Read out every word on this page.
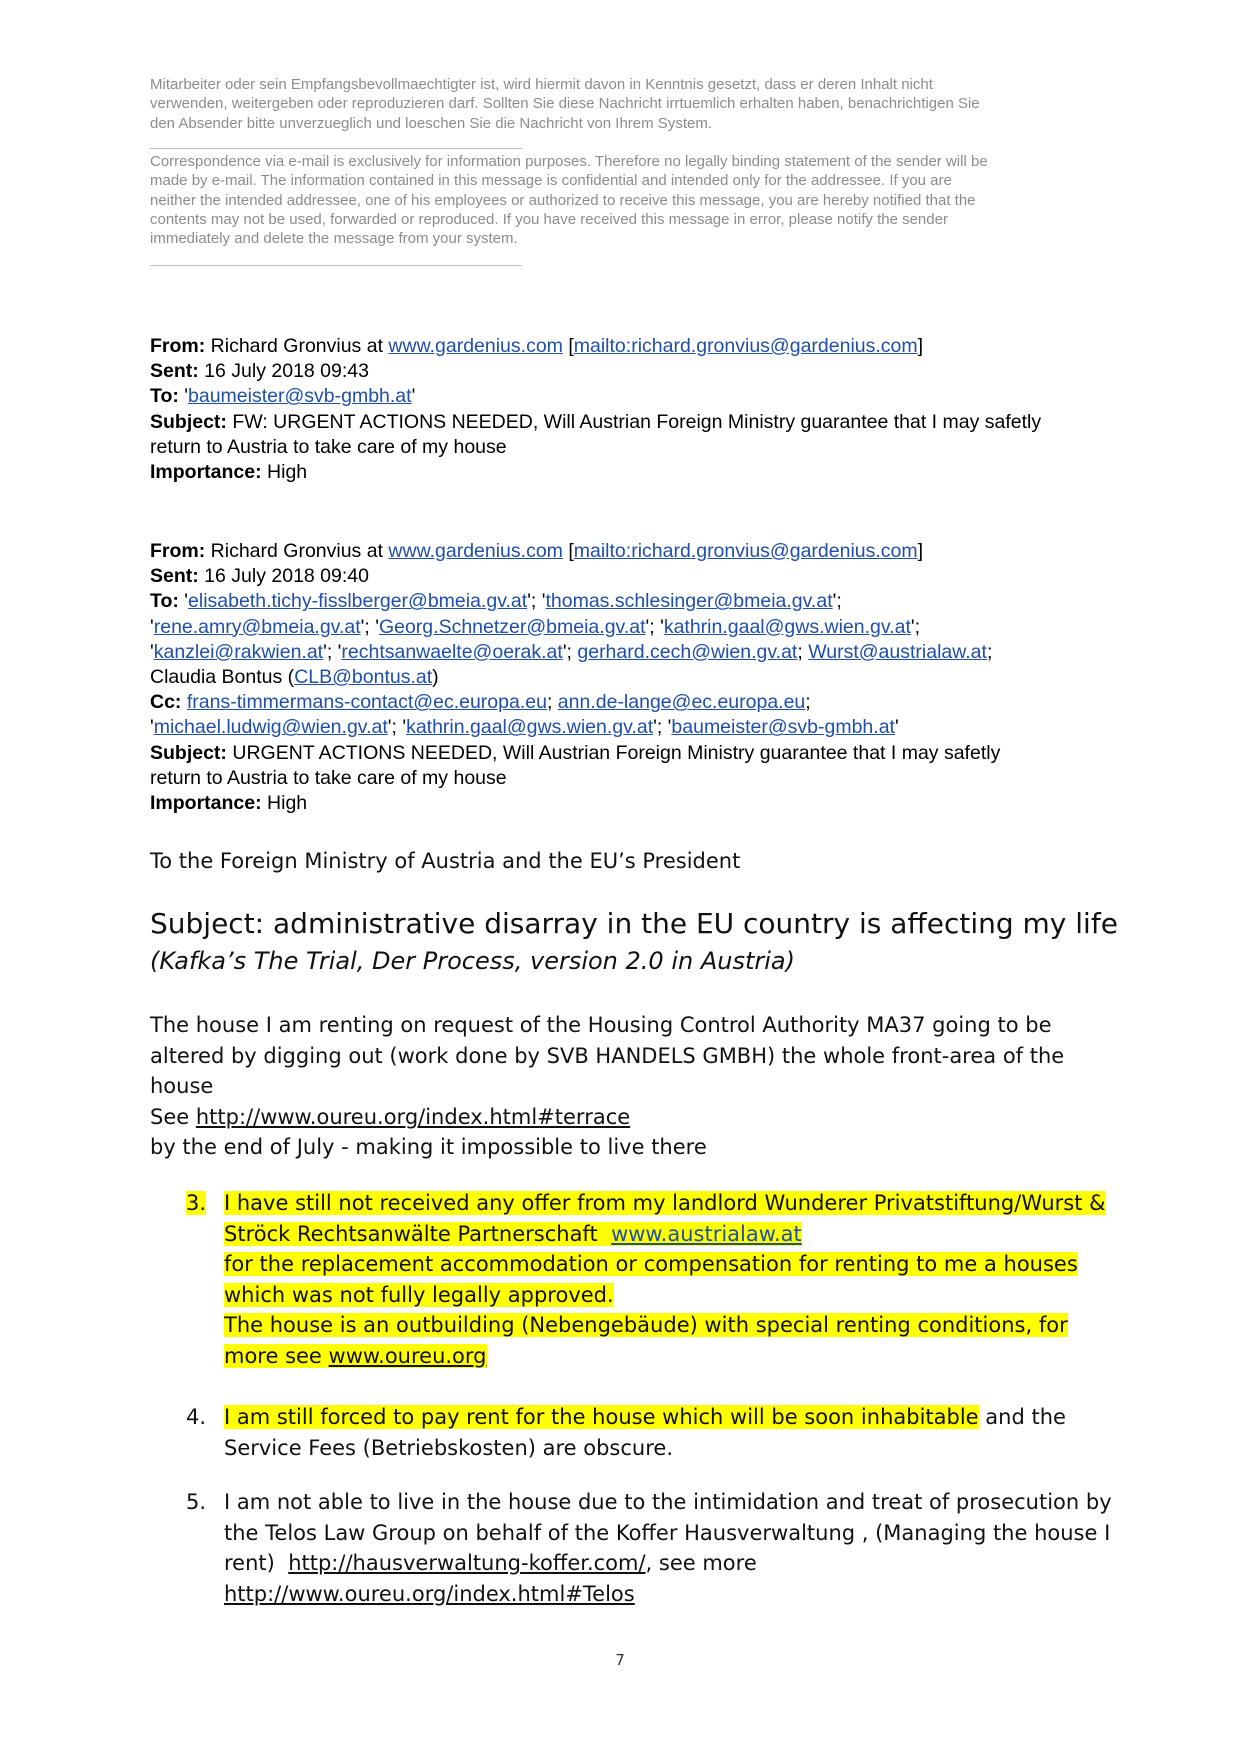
Mitarbeiter oder sein Empfangsbevollmaechtigter ist, wird hiermit davon in Kenntnis gesetzt, dass er deren Inhalt nicht
verwenden, weitergeben oder reproduzieren darf. Sollten Sie diese Nachricht irrtuemlich erhalten haben, benachrichtigen Sie
den Absender bitte unverzueglich und loeschen Sie die Nachricht von Ihrem System.
Correspondence via e-mail is exclusively for information purposes. Therefore no legally binding statement of the sender will be
made by e-mail. The information contained in this message is confidential and intended only for the addressee. If you are
neither the intended addressee, one of his employees or authorized to receive this message, you are hereby notified that the
contents may not be used, forwarded or reproduced. If you have received this message in error, please notify the sender
immediately and delete the message from your system.
From: Richard Gronvius at www.gardenius.com [mailto:richard.gronvius@gardenius.com]
Sent: 16 July 2018 09:43
To: 'baumeister@svb-gmbh.at'
Subject: FW: URGENT ACTIONS NEEDED, Will Austrian Foreign Ministry guarantee that I may safetly
return to Austria to take care of my house
Importance: High
From: Richard Gronvius at www.gardenius.com [mailto:richard.gronvius@gardenius.com]
Sent: 16 July 2018 09:40
To: 'elisabeth.tichy-fisslberger@bmeia.gv.at'; 'thomas.schlesinger@bmeia.gv.at';
'rene.amry@bmeia.gv.at'; 'Georg.Schnetzer@bmeia.gv.at'; 'kathrin.gaal@gws.wien.gv.at';
'kanzlei@rakwien.at'; 'rechtsanwaelte@oerak.at'; gerhard.cech@wien.gv.at; Wurst@austrialaw.at;
Claudia Bontus (CLB@bontus.at)
Cc: frans-timmermans-contact@ec.europa.eu; ann.de-lange@ec.europa.eu;
'michael.ludwig@wien.gv.at'; 'kathrin.gaal@gws.wien.gv.at'; 'baumeister@svb-gmbh.at'
Subject: URGENT ACTIONS NEEDED, Will Austrian Foreign Ministry guarantee that I may safetly
return to Austria to take care of my house
Importance: High
To the Foreign Ministry of Austria and the EU’s President
Subject: administrative disarray in the EU country is affecting my life
(Kafka’s The Trial, Der Process, version 2.0 in Austria)
The house I am renting on request of the Housing Control Authority MA37 going to be
altered by digging out (work done by SVB HANDELS GMBH) the whole front-area of the
house
See http://www.oureu.org/index.html#terrace
by the end of July - making it impossible to live there
3. I have still not received any offer from my landlord Wunderer Privatstiftung/Wurst &
Ströck Rechtsanwälte Partnerschaft www.austrialaw.at
for the replacement accommodation or compensation for renting to me a houses
which was not fully legally approved.
The house is an outbuilding (Nebengebäude) with special renting conditions, for
more see www.oureu.org
4. I am still forced to pay rent for the house which will be soon inhabitable and the
Service Fees (Betriebskosten) are obscure.
5. I am not able to live in the house due to the intimidation and treat of prosecution by
the Telos Law Group on behalf of the Koffer Hausverwaltung , (Managing the house I
rent) http://hausverwaltung-koffer.com/, see more
http://www.oureu.org/index.html#Telos
7
